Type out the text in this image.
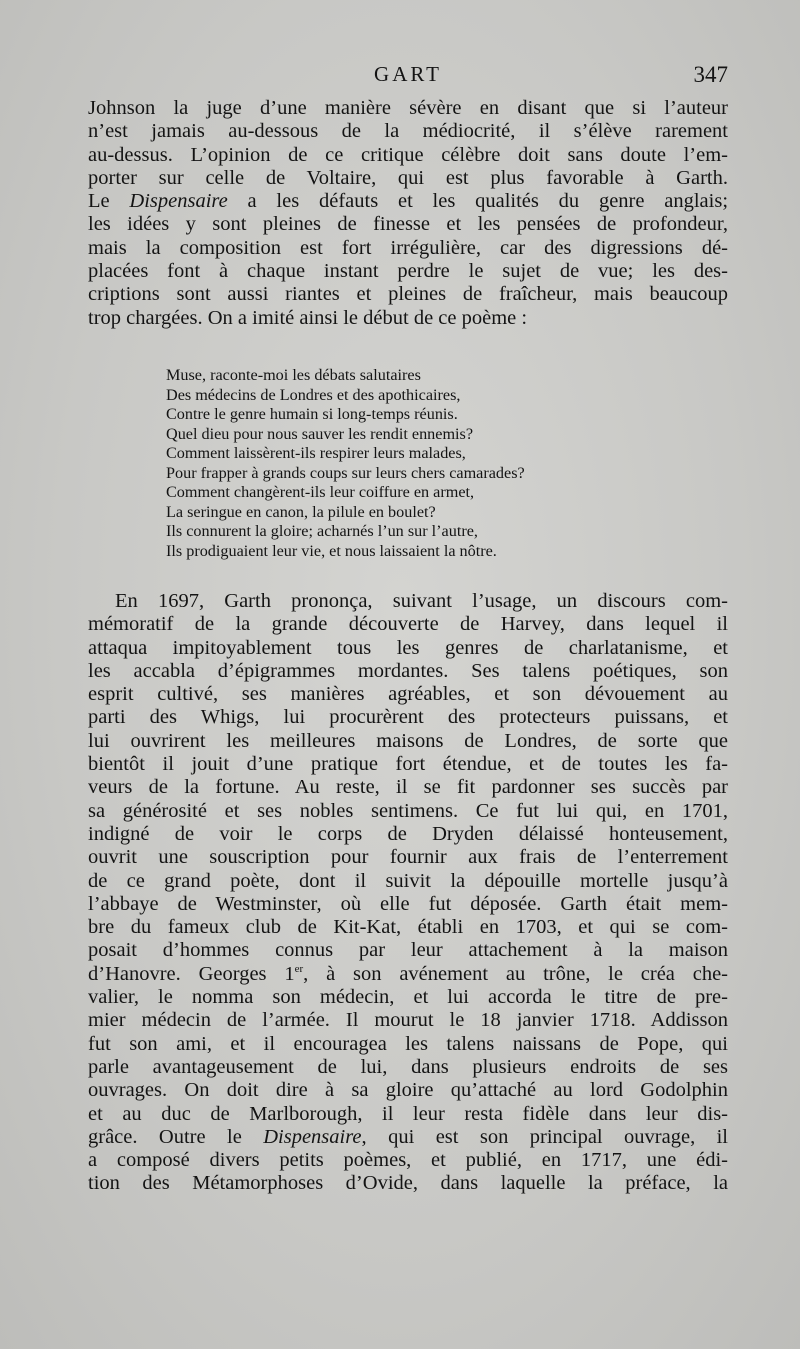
GART	347
Johnson la juge d’une manière sévère en disant que si l’auteur
n’est jamais au-dessous de la médiocrité, il s’élève rarement
au-dessus. L’opinion de ce critique célèbre doit sans doute l’em-
porter sur celle de Voltaire, qui est plus favorable à Garth.
Le Dispensaire a les défauts et les qualités du genre anglais;
les idées y sont pleines de finesse et les pensées de profondeur,
mais la composition est fort irrégulière, car des digressions dé-
placées font à chaque instant perdre le sujet de vue; les des-
criptions sont aussi riantes et pleines de fraîcheur, mais beaucoup
trop chargées. On a imité ainsi le début de ce poème :
Muse, raconte-moi les débats salutaires
Des médecins de Londres et des apothicaires,
Contre le genre humain si long-temps réunis.
Quel dieu pour nous sauver les rendit ennemis?
Comment laissèrent-ils respirer leurs malades,
Pour frapper à grands coups sur leurs chers camarades?
Comment changèrent-ils leur coiffure en armet,
La seringue en canon, la pilule en boulet?
Ils connurent la gloire; acharnés l’un sur l’autre,
Ils prodiguaient leur vie, et nous laissaient la nôtre.
En 1697, Garth prononça, suivant l’usage, un discours com-
mémoratif de la grande découverte de Harvey, dans lequel il
attaqua impitoyablement tous les genres de charlatanisme, et
les accabla d’épigrammes mordantes. Ses talens poétiques, son
esprit cultivé, ses manières agréables, et son dévouement au
parti des Whigs, lui procurèrent des protecteurs puissans, et
lui ouvrirent les meilleures maisons de Londres, de sorte que
bientôt il jouit d’une pratique fort étendue, et de toutes les fa-
veurs de la fortune. Au reste, il se fit pardonner ses succès par
sa générosité et ses nobles sentimens. Ce fut lui qui, en 1701,
indigné de voir le corps de Dryden délaissé honteusement,
ouvrit une souscription pour fournir aux frais de l’enterrement
de ce grand poète, dont il suivit la dépouille mortelle jusqu’à
l’abbaye de Westminster, où elle fut déposée. Garth était mem-
bre du fameux club de Kit-Kat, établi en 1703, et qui se com-
posait d’hommes connus par leur attachement à la maison
d’Hanovre. Georges 1er, à son avénement au trône, le créa che-
valier, le nomma son médecin, et lui accorda le titre de pre-
mier médecin de l’armée. Il mourut le 18 janvier 1718. Addisson
fut son ami, et il encouragea les talens naissans de Pope, qui
parle avantageusement de lui, dans plusieurs endroits de ses
ouvrages. On doit dire à sa gloire qu’attaché au lord Godolphin
et au duc de Marlborough, il leur resta fidèle dans leur dis-
grâce. Outre le Dispensaire, qui est son principal ouvrage, il
a composé divers petits poèmes, et publié, en 1717, une édi-
tion des Métamorphoses d’Ovide, dans laquelle la préface, la
